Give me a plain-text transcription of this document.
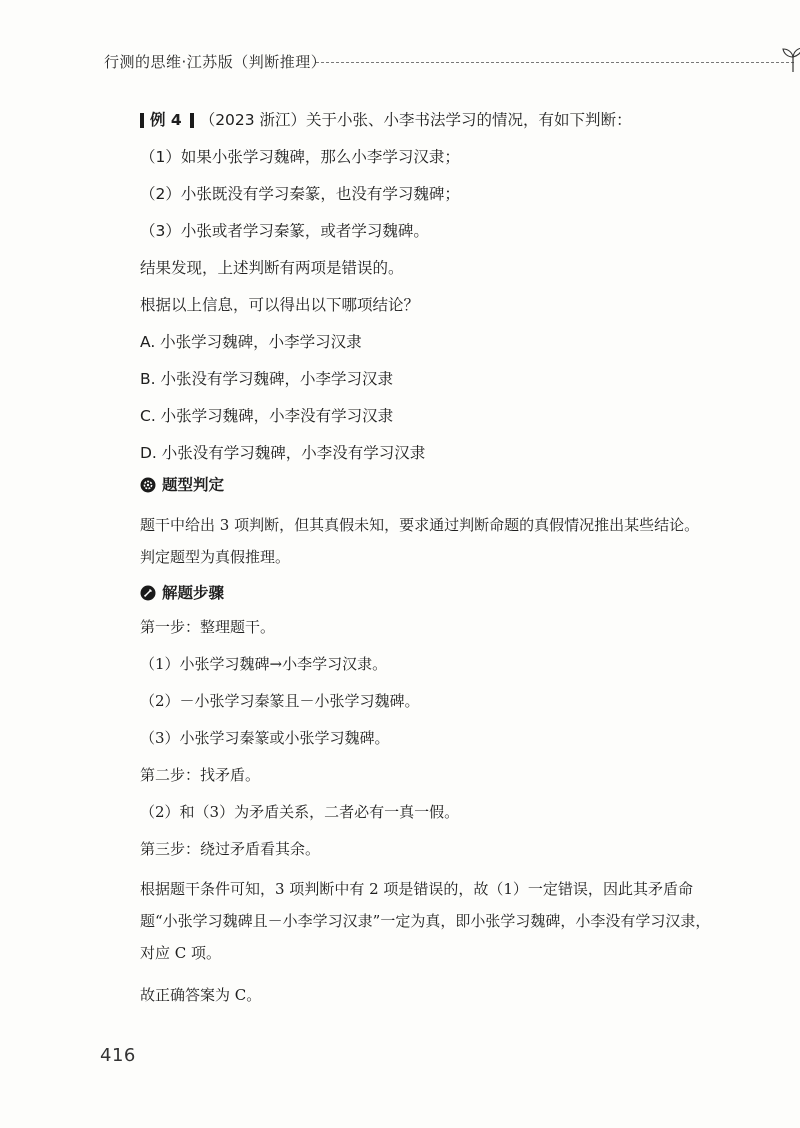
行测的思维·江苏版（判断推理）
例 4 （2023 浙江）关于小张、小李书法学习的情况，有如下判断：

（1）如果小张学习魏碑，那么小李学习汉隶；

（2）小张既没有学习秦篆，也没有学习魏碑；

（3）小张或者学习秦篆，或者学习魏碑。

结果发现，上述判断有两项是错误的。

根据以上信息，可以得出以下哪项结论？

A. 小张学习魏碑，小李学习汉隶

B. 小张没有学习魏碑，小李学习汉隶

C. 小张学习魏碑，小李没有学习汉隶

D. 小张没有学习魏碑，小李没有学习汉隶

题型判定

题干中给出 3 项判断，但其真假未知，要求通过判断命题的真假情况推出某些结论。判定题型为真假推理。

解题步骤

第一步：整理题干。

（1）小张学习魏碑→小李学习汉隶。

（2）－小张学习秦篆且－小张学习魏碑。

（3）小张学习秦篆或小张学习魏碑。

第二步：找矛盾。

（2）和（3）为矛盾关系，二者必有一真一假。

第三步：绕过矛盾看其余。

根据题干条件可知，3 项判断中有 2 项是错误的，故（1）一定错误，因此其矛盾命题“小张学习魏碑且－小李学习汉隶”一定为真，即小张学习魏碑，小李没有学习汉隶，对应 C 项。

故正确答案为 C。

416
